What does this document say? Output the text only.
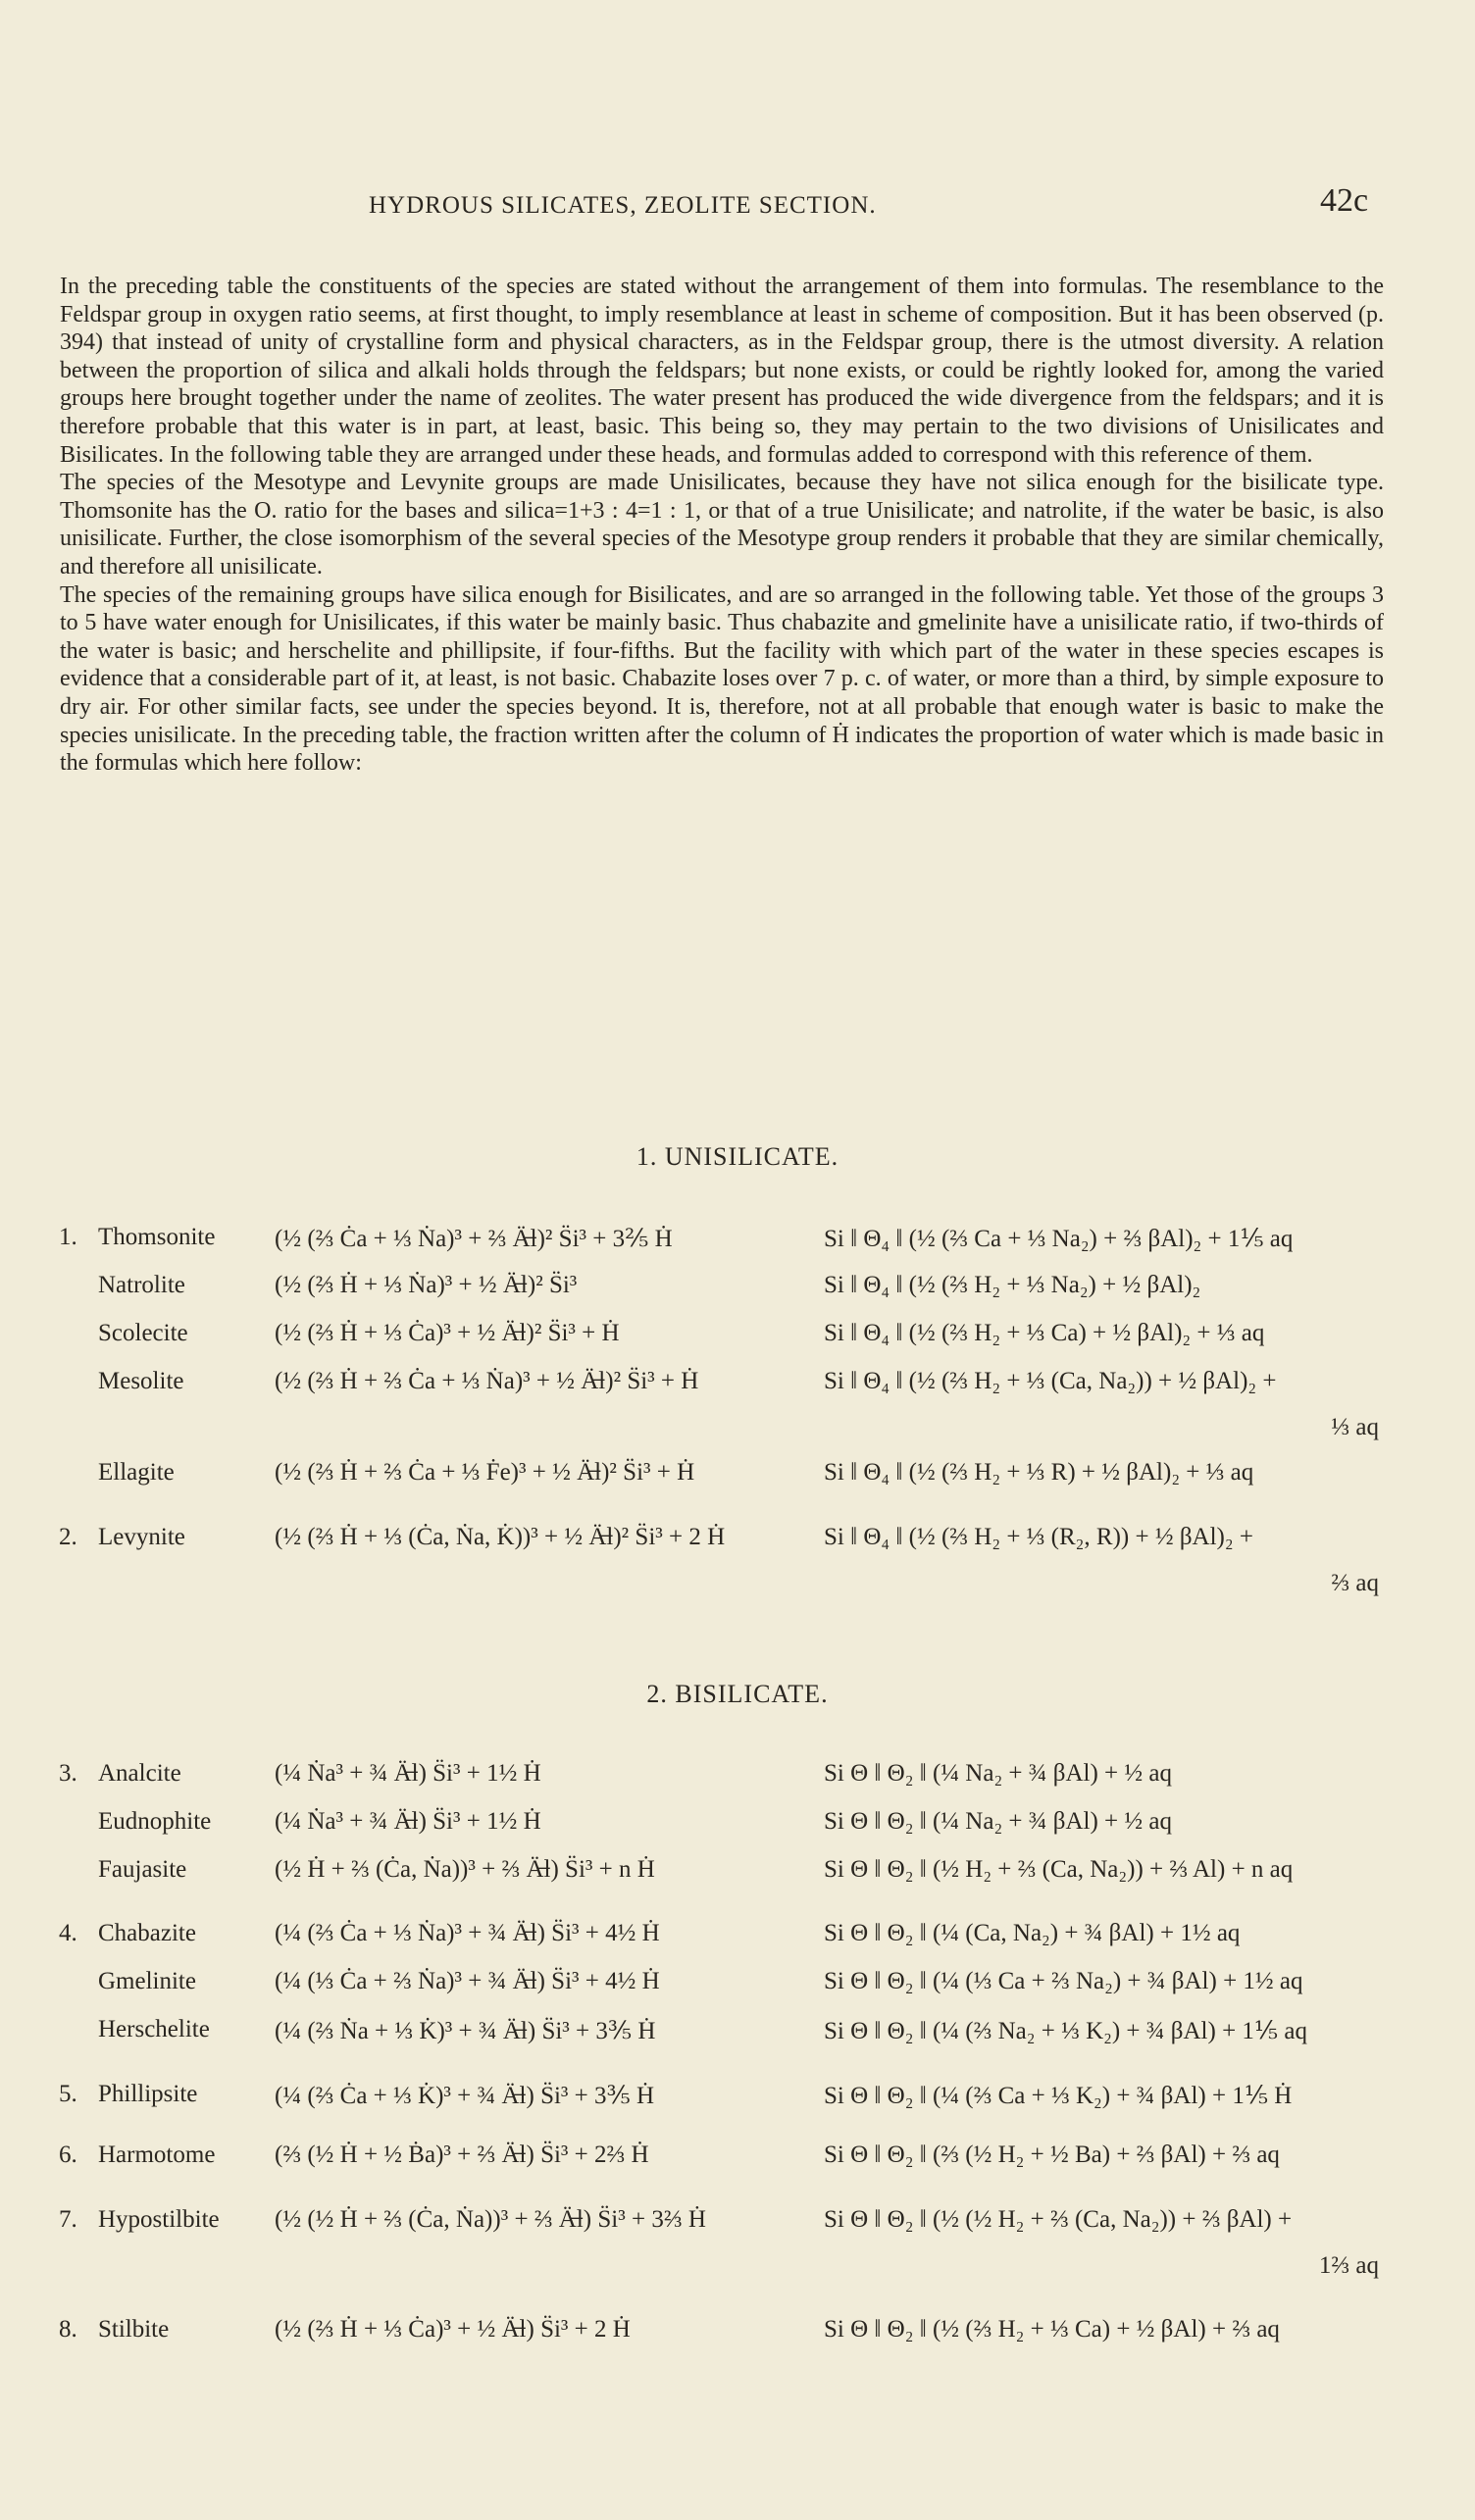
HYDROUS SILICATES, ZEOLITE SECTION.	42c

In the preceding table the constituents of the species are stated without the arrangement of them into formulas. The resemblance to the Feldspar group in oxygen ratio seems, at first thought, to imply resemblance at least in scheme of composition. But it has been observed (p. 394) that instead of unity of crystalline form and physical characters, as in the Feldspar group, there is the utmost diversity. A relation between the proportion of silica and alkali holds through the feldspars; but none exists, or could be rightly looked for, among the varied groups here brought together under the name of zeolites. The water present has produced the wide divergence from the feldspars; and it is therefore probable that this water is in part, at least, basic. This being so, they may pertain to the two divisions of Unisilicates and Bisilicates. In the following table they are arranged under these heads, and formulas added to correspond with this reference of them.

The species of the Mesotype and Levynite groups are made Unisilicates, because they have not silica enough for the bisilicate type. Thomsonite has the O. ratio for the bases and silica=1+3 : 4=1 : 1, or that of a true Unisilicate; and natrolite, if the water be basic, is also unisilicate. Further, the close isomorphism of the several species of the Mesotype group renders it probable that they are similar chemically, and therefore all unisilicate.

The species of the remaining groups have silica enough for Bisilicates, and are so arranged in the following table. Yet those of the groups 3 to 5 have water enough for Unisilicates, if this water be mainly basic. Thus chabazite and gmelinite have a unisilicate ratio, if two-thirds of the water is basic; and herschelite and phillipsite, if four-fifths. But the facility with which part of the water in these species escapes is evidence that a considerable part of it, at least, is not basic. Chabazite loses over 7 p. c. of water, or more than a third, by simple exposure to dry air. For other similar facts, see under the species beyond. It is, therefore, not at all probable that enough water is basic to make the species unisilicate. In the preceding table, the fraction written after the column of Ḣ indicates the proportion of water which is made basic in the formulas which here follow:

1. UNISILICATE.
1. Thomsonite (½ (⅔ Ċa + ⅓ Ṅa)³ + ⅔ Ä̶l)² S̈i³ + 3⅖ Ḣ	Si ‖ Θ₄ ‖ (½ (⅔ Ca + ⅓ Na₂) + ⅔ βAl)₂ + 1⅕ aq
Natrolite	(½ (⅔ Ḣ + ⅓ Ṅa)³ + ½ Ä̶l)² S̈i³	Si ‖ Θ₄ ‖ (½ (⅔ H₂ + ⅓ Na₂) + ½ βAl)₂
Scolecite	(½ (⅔ Ḣ + ⅓ Ċa)³ + ½ Ä̶l)² S̈i³ + Ḣ	Si ‖ Θ₄ ‖ (½ (⅔ H₂ + ⅓ Ca) + ½ βAl)₂ + ⅓ aq
Mesolite	(½ (⅔ Ḣ + ⅔ Ċa + ⅓ Ṅa)³ + ½ Ä̶l)² S̈i³ + Ḣ	Si ‖ Θ₄ ‖ (½ (⅔ H₂ + ⅓ (Ca, Na₂)) + ½ βAl)₂ +
⅓ aq
Ellagite	(½ (⅔ Ḣ + ⅔ Ċa + ⅓ Ḟe)³ + ½ Ä̶l)² S̈i³ + Ḣ	Si ‖ Θ₄ ‖ (½ (⅔ H₂ + ⅓ R) + ½ βAl)₂ + ⅓ aq
2. Levynite	(½ (⅔ Ḣ + ⅓ (Ċa, Ṅa, K̇))³ + ½ Ä̶l)² S̈i³ + 2 Ḣ	Si ‖ Θ₄ ‖ (½ (⅔ H₂ + ⅓ (R₂, R)) + ½ βAl)₂ +
⅔ aq
2. BISILICATE.
3. Analcite	(¼ Ṅa³ + ¾ Ä̶l) S̈i³ + 1½ Ḣ	Si Θ ‖ Θ₂ ‖ (¼ Na₂ + ¾ βAl) + ½ aq
Eudnophite	(¼ Ṅa³ + ¾ Ä̶l) S̈i³ + 1½ Ḣ	Si Θ ‖ Θ₂ ‖ (¼ Na₂ + ¾ βAl) + ½ aq
Faujasite	(½ Ḣ + ⅔ (Ċa, Ṅa))³ + ⅔ Ä̶l) S̈i³ + n Ḣ	Si Θ ‖ Θ₂ ‖ (½ H₂ + ⅔ (Ca, Na₂)) + ⅔ Al) + n aq
4. Chabazite	(¼ (⅔ Ċa + ⅓ Ṅa)³ + ¾ Ä̶l) S̈i³ + 4½ Ḣ	Si Θ ‖ Θ₂ ‖ (¼ (Ca, Na₂) + ¾ βAl) + 1½ aq
Gmelinite	(¼ (⅓ Ċa + ⅔ Ṅa)³ + ¾ Ä̶l) S̈i³ + 4½ Ḣ	Si Θ ‖ Θ₂ ‖ (¼ (⅓ Ca + ⅔ Na₂) + ¾ βAl) + 1½ aq
Herschelite	(¼ (⅔ Ṅa + ⅓ K̇)³ + ¾ Ä̶l) S̈i³ + 3⅗ Ḣ	Si Θ ‖ Θ₂ ‖ (¼ (⅔ Na₂ + ⅓ K₂) + ¾ βAl) + 1⅕ aq
5. Phillipsite	(¼ (⅔ Ċa + ⅓ K̇)³ + ¾ Ä̶l) S̈i³ + 3⅗ Ḣ	Si Θ ‖ Θ₂ ‖ (¼ (⅔ Ca + ⅓ K₂) + ¾ βAl) + 1⅕ Ḣ
6. Harmotome (⅔ (½ Ḣ + ½ Ḃa)³ + ⅔ Ä̶l) S̈i³ + 2⅔ Ḣ	Si Θ ‖ Θ₂ ‖ (⅔ (½ H₂ + ½ Ba) + ⅔ βAl) + ⅔ aq
7. Hypostilbite (½ (½ Ḣ + ⅔ (Ċa, Ṅa))³ + ⅔ Ä̶l) S̈i³ + 3⅔ Ḣ	Si Θ ‖ Θ₂ ‖ (½ (½ H₂ + ⅔ (Ca, Na₂)) + ⅔ βAl) +
1⅔ aq
8. Stilbite	(½ (⅔ Ḣ + ⅓ Ċa)³ + ½ Ä̶l) S̈i³ + 2 Ḣ	Si Θ ‖ Θ₂ ‖ (½ (⅔ H₂ + ⅓ Ca) + ½ βAl) + ⅔ aq
